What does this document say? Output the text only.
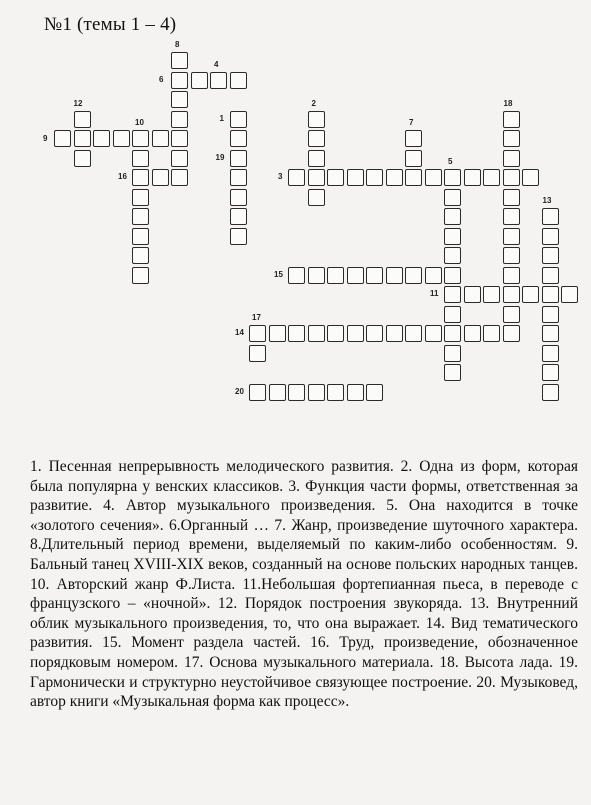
№1 (темы 1 – 4)
8
6
4
12
9
10
16
1
19
2
3
7
5
18
13
15
11
17
14
20

1. Песенная непрерывность мелодического развития. 2. Одна из форм, которая была популярна у венских классиков. 3. Функция части формы, ответственная за развитие. 4. Автор музыкального произведения. 5. Она находится в точке «золотого сечения». 6.Органный … 7. Жанр, произведение шуточного характера. 8.Длительный период времени, выделяемый по каким-либо особенностям. 9. Бальный танец XVIII-XIX веков, созданный на основе польских народных танцев. 10. Авторский жанр Ф.Листа. 11.Небольшая фортепианная пьеса, в переводе с французского – «ночной». 12. Порядок построения звукоряда. 13. Внутренний облик музыкального произведения, то, что она выражает. 14. Вид тематического развития. 15. Момент раздела частей. 16. Труд, произведение, обозначенное порядковым номером. 17. Основа музыкального материала. 18. Высота лада. 19. Гармонически и структурно неустойчивое связующее построение. 20. Музыковед, автор книги «Музыкальная форма как процесс».
